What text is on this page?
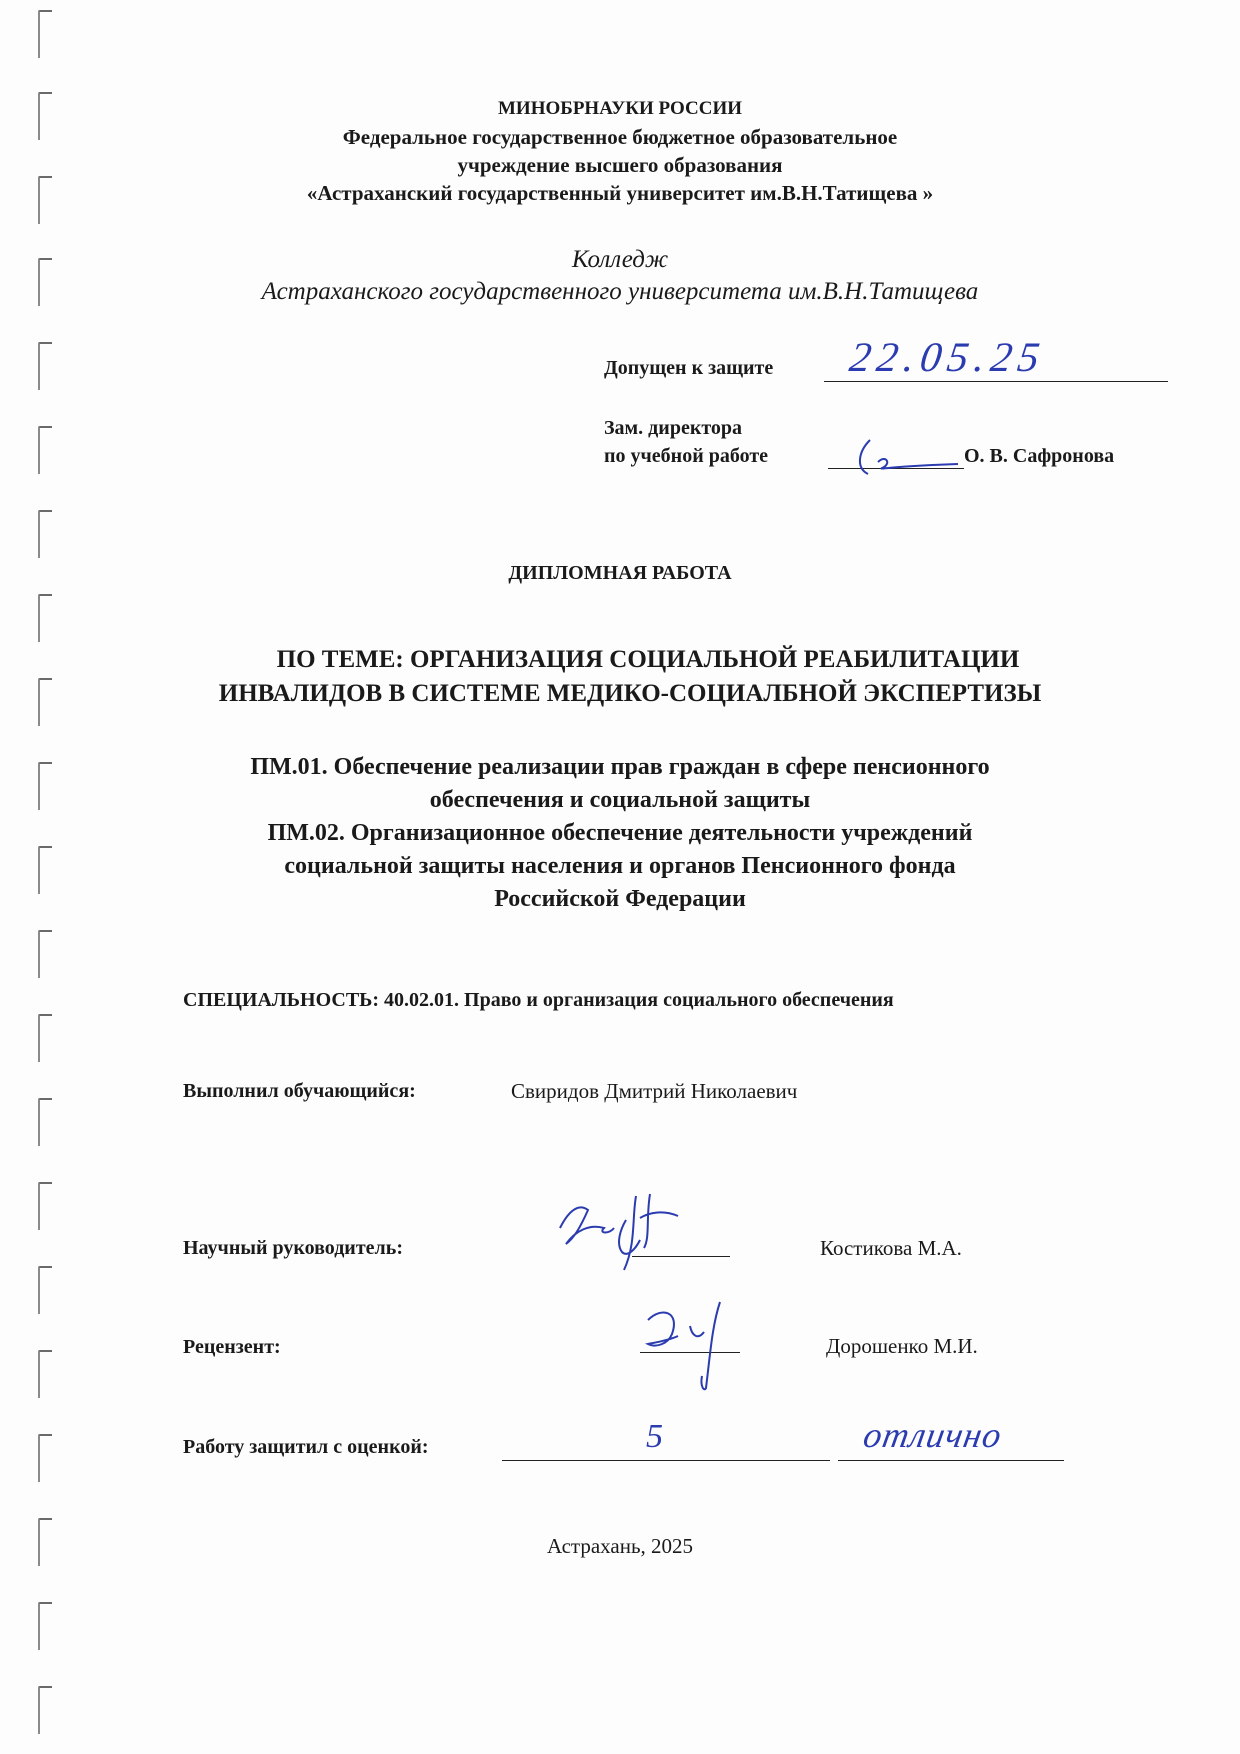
МИНОБРНАУКИ РОССИИ
Федеральное государственное бюджетное образовательное
учреждение высшего образования
«Астраханский государственный университет им.В.Н.Татищева »
Колледж
Астраханского государственного университета им.В.Н.Татищева
Допущен к защите 22.05.25
Зам. директора
по учебной работе	О. В. Сафронова
ДИПЛОМНАЯ РАБОТА
ПО ТЕМЕ: ОРГАНИЗАЦИЯ СОЦИАЛЬНОЙ РЕАБИЛИТАЦИИ
ИНВАЛИДОВ В СИСТЕМЕ МЕДИКО-СОЦИАЛБНОЙ ЭКСПЕРТИЗЫ
ПМ.01. Обеспечение реализации прав граждан в сфере пенсионного
обеспечения и социальной защиты
ПМ.02. Организационное обеспечение деятельности учреждений
социальной защиты населения и органов Пенсионного фонда
Российской Федерации
СПЕЦИАЛЬНОСТЬ: 40.02.01. Право и организация социального обеспечения
Выполнил обучающийся:	Свиридов Дмитрий Николаевич
Научный руководитель:	Костикова М.А.
Рецензент:	Дорошенко М.И.
Работу защитил с оценкой:	5	отлично
Астрахань, 2025
